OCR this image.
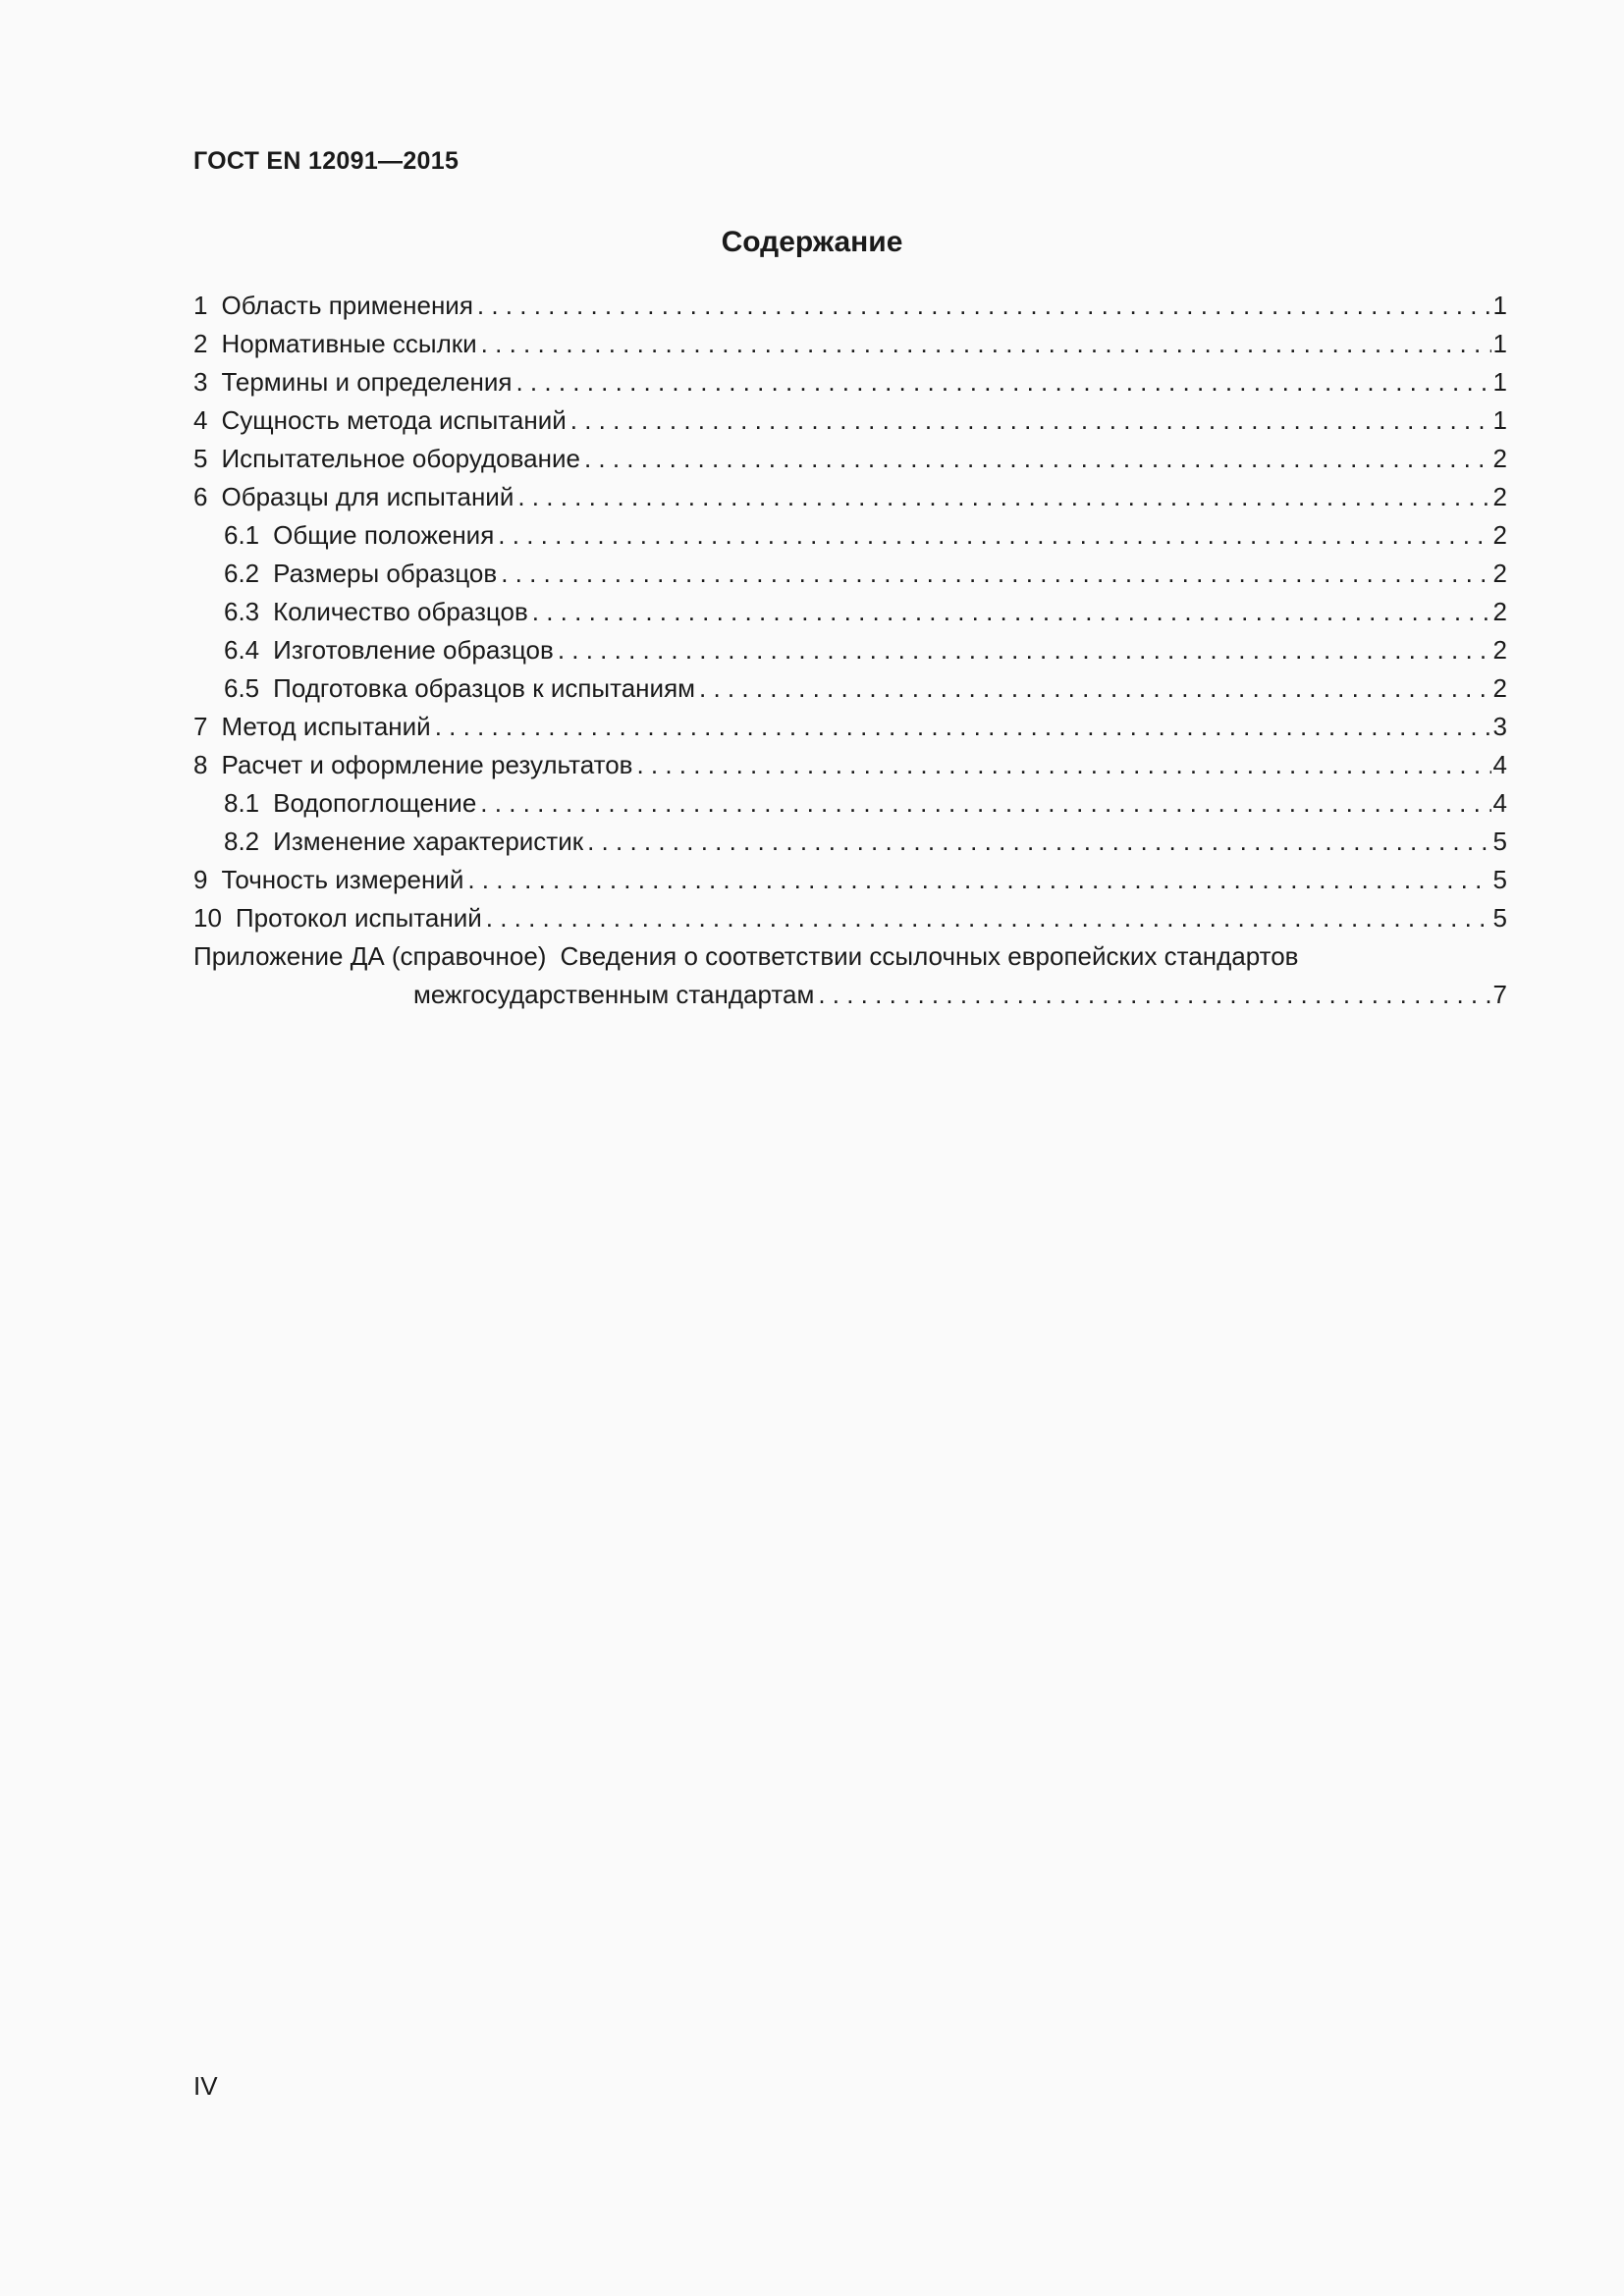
ГОСТ EN 12091—2015
Содержание
1 Область применения . . .	1
2 Нормативные ссылки . . .	1
3 Термины и определения . . .	1
4 Сущность метода испытаний . . .	1
5 Испытательное оборудование . . .	2
6 Образцы для испытаний . . .	2
6.1 Общие положения . . .	2
6.2 Размеры образцов . . .	2
6.3 Количество образцов . . .	2
6.4 Изготовление образцов . . .	2
6.5 Подготовка образцов к испытаниям . . .	2
7 Метод испытаний . . .	3
8 Расчет и оформление результатов . . .	4
8.1 Водопоглощение . . .	4
8.2 Изменение характеристик . . .	5
9 Точность измерений . . .	5
10 Протокол испытаний . . .	5
Приложение ДА (справочное) Сведения о соответствии ссылочных европейских стандартов
межгосударственным стандартам . . .	7
IV
